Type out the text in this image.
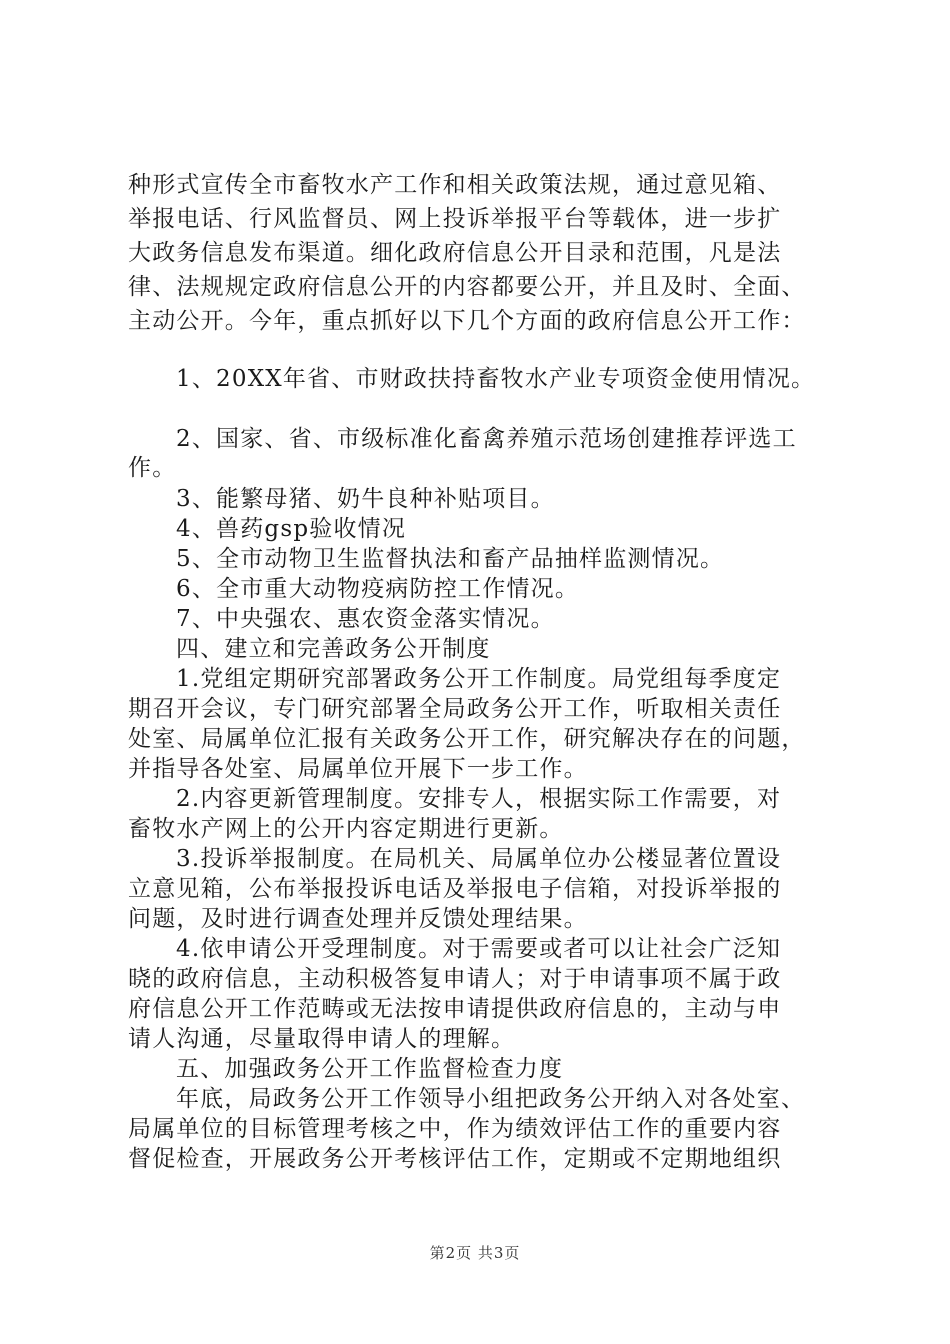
种形式宣传全市畜牧水产工作和相关政策法规，通过意见箱、
举报电话、行风监督员、网上投诉举报平台等载体，进一步扩
大政务信息发布渠道。细化政府信息公开目录和范围，凡是法
律、法规规定政府信息公开的内容都要公开，并且及时、全面、
主动公开。今年，重点抓好以下几个方面的政府信息公开工作：
1、20XX年省、市财政扶持畜牧水产业专项资金使用情况。
2、国家、省、市级标准化畜禽养殖示范场创建推荐评选工
作。
3、能繁母猪、奶牛良种补贴项目。
4、兽药gsp验收情况
5、全市动物卫生监督执法和畜产品抽样监测情况。
6、全市重大动物疫病防控工作情况。
7、中央强农、惠农资金落实情况。
四、建立和完善政务公开制度
1.党组定期研究部署政务公开工作制度。局党组每季度定
期召开会议，专门研究部署全局政务公开工作，听取相关责任
处室、局属单位汇报有关政务公开工作，研究解决存在的问题，
并指导各处室、局属单位开展下一步工作。
2.内容更新管理制度。安排专人，根据实际工作需要，对
畜牧水产网上的公开内容定期进行更新。
3.投诉举报制度。在局机关、局属单位办公楼显著位置设
立意见箱，公布举报投诉电话及举报电子信箱，对投诉举报的
问题，及时进行调查处理并反馈处理结果。
4.依申请公开受理制度。对于需要或者可以让社会广泛知
晓的政府信息，主动积极答复申请人；对于申请事项不属于政
府信息公开工作范畴或无法按申请提供政府信息的，主动与申
请人沟通，尽量取得申请人的理解。
五、加强政务公开工作监督检查力度
年底，局政务公开工作领导小组把政务公开纳入对各处室、
局属单位的目标管理考核之中，作为绩效评估工作的重要内容
督促检查，开展政务公开考核评估工作，定期或不定期地组织
第2页 共3页
